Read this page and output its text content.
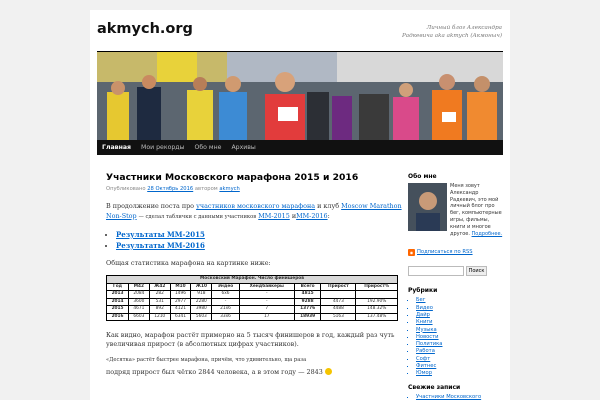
akmych.org	Личный блог Александра Радкевича aka akmych (Акмоныч)
Главная	Мои рекорды	Обо мне	Архивы
Участники Московского марафона 2015 и 2016
Опубликовано 28 Октябрь 2016 автором akmych

В продолжение поста про участников московского марафона и клуб Moscow Marathon Non-Stop — сделал таблички с данными участников ММ-2015 иММ-2016:

• Результаты ММ-2015
• Результаты ММ-2016

Общая статистика марафона на картинке ниже:

Московский Марафон. Число финишеров									
Год	М42	Ж42	М10	Ж10	Эндео	Хендбайкеры	Всего	Прирост	Прирост%
2013	2084	282	1496	918	6х6	-	4815		
2014	3600	531	2977	2280	-	-	9288	4473	192.90%
2015	4671	892	4121	3980	21х6	7	13776	4488	148.32%
2016	6603	1210	6341	5603	33х6	17	18939	5163	137.48%

Как видно, марафон растёт примерно на 5 тысяч финишеров в год, каждый раз чуть увеличивая прирост (в абсолютных цифрах участников).

«Десятка» растёт быстрее марафона, причём, что удивительно, ща раза

подряд прирост был чётко 2844 человека, а в этом году — 2843

Обо мне
Меня зовут Александр Радкевич, это мой личный блог про бег, компьютерные игры, фильмы, книги и многое другое. Подробнее.
◉ Подписаться по RSS
Поиск
Рубрики
▪ Бег
▪ Видео
▪ Дайр
▪ Книги
▪ Музыка
▪ Новости
▪ Политика
▪ Работа
▪ Софт
▪ Фитнес
▪ Юмор
Свежие записи
▪ Участники Московского
